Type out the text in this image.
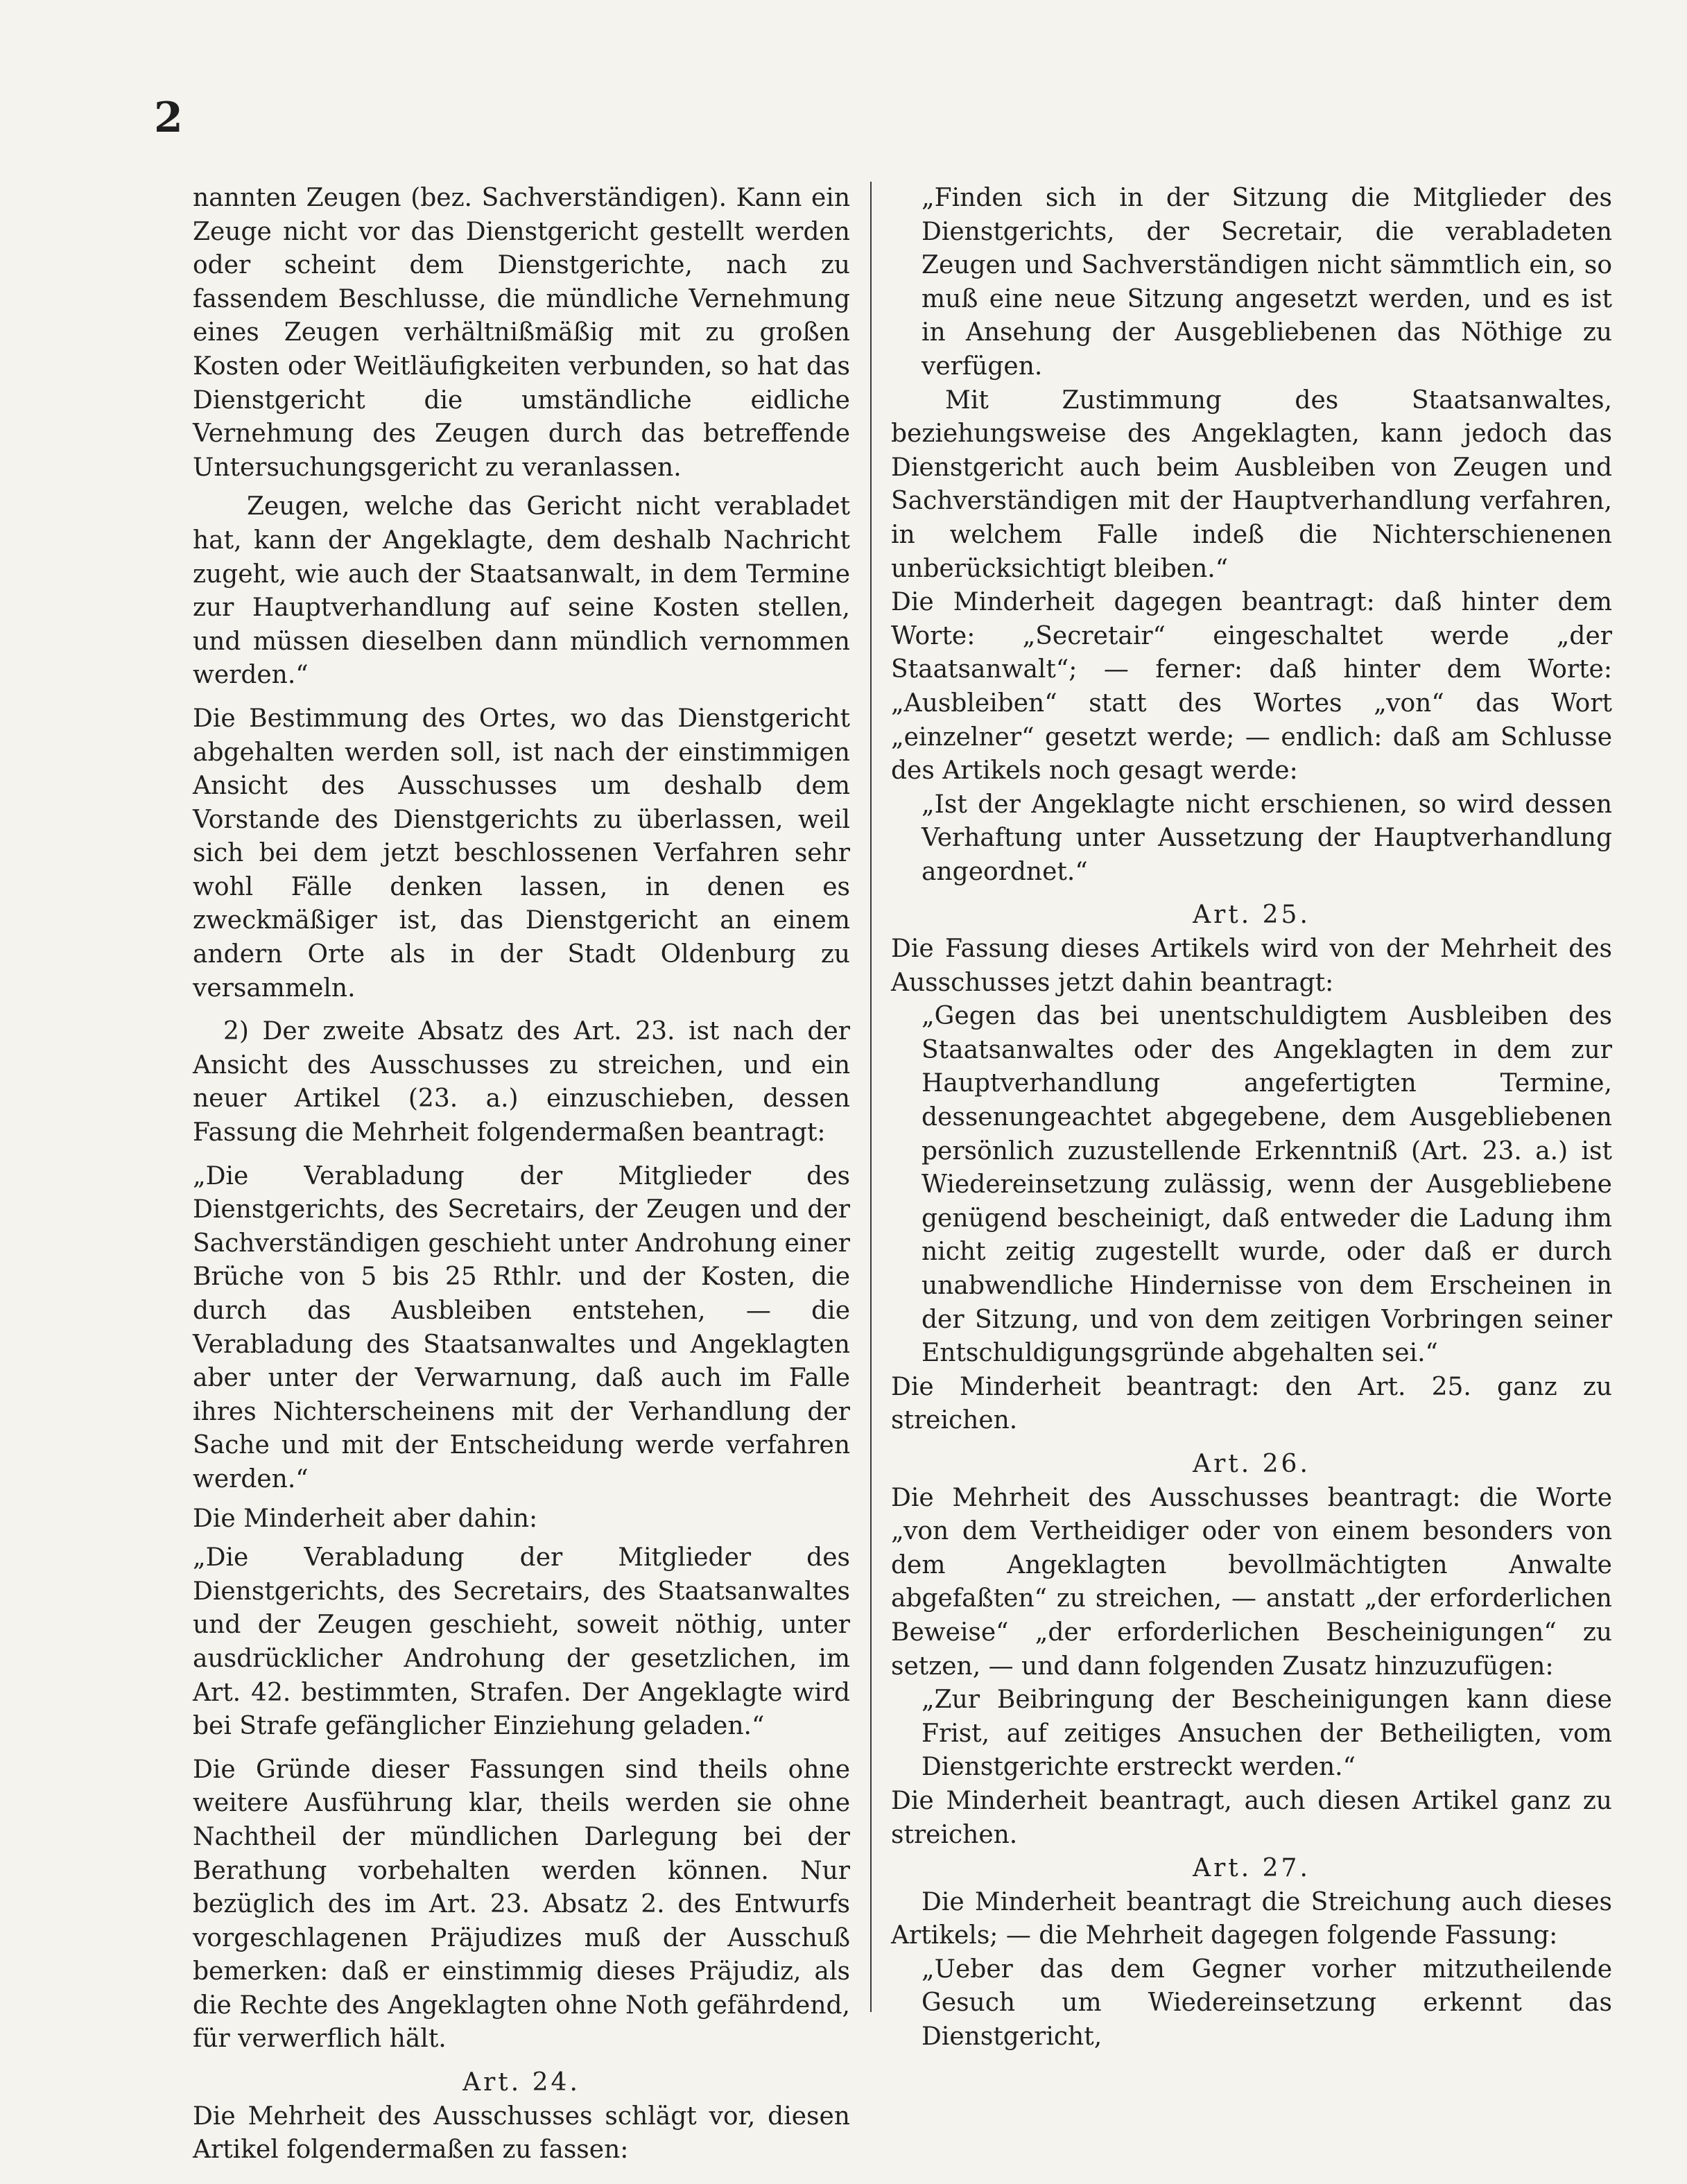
2

nannten Zeugen (bez. Sachverständigen). Kann ein Zeuge nicht vor das Dienstgericht gestellt werden oder scheint dem Dienstgerichte, nach zu fassendem Beschlusse, die mündliche Vernehmung eines Zeugen verhältnißmäßig mit zu großen Kosten oder Weitläufigkeiten verbunden, so hat das Dienstgericht die umständliche eidliche Vernehmung des Zeugen durch das betreffende Untersuchungsgericht zu veranlassen.

Zeugen, welche das Gericht nicht verabladet hat, kann der Angeklagte, dem deshalb Nachricht zugeht, wie auch der Staatsanwalt, in dem Termine zur Hauptverhandlung auf seine Kosten stellen, und müssen dieselben dann mündlich vernommen werden.“

Die Bestimmung des Ortes, wo das Dienstgericht abgehalten werden soll, ist nach der einstimmigen Ansicht des Ausschusses um deshalb dem Vorstande des Dienstgerichts zu überlassen, weil sich bei dem jetzt beschlossenen Verfahren sehr wohl Fälle denken lassen, in denen es zweckmäßiger ist, das Dienstgericht an einem andern Orte als in der Stadt Oldenburg zu versammeln.

2) Der zweite Absatz des Art. 23. ist nach der Ansicht des Ausschusses zu streichen, und ein neuer Artikel (23. a.) einzuschieben, dessen Fassung die Mehrheit folgendermaßen beantragt:

„Die Verabladung der Mitglieder des Dienstgerichts, des Secretairs, der Zeugen und der Sachverständigen geschieht unter Androhung einer Brüche von 5 bis 25 Rthlr. und der Kosten, die durch das Ausbleiben entstehen, — die Verabladung des Staatsanwaltes und Angeklagten aber unter der Verwarnung, daß auch im Falle ihres Nichterscheinens mit der Verhandlung der Sache und mit der Entscheidung werde verfahren werden.“

Die Minderheit aber dahin:

„Die Verabladung der Mitglieder des Dienstgerichts, des Secretairs, des Staatsanwaltes und der Zeugen geschieht, soweit nöthig, unter ausdrücklicher Androhung der gesetzlichen, im Art. 42. bestimmten, Strafen. Der Angeklagte wird bei Strafe gefänglicher Einziehung geladen.“

Die Gründe dieser Fassungen sind theils ohne weitere Ausführung klar, theils werden sie ohne Nachtheil der mündlichen Darlegung bei der Berathung vorbehalten werden können. Nur bezüglich des im Art. 23. Absatz 2. des Entwurfs vorgeschlagenen Präjudizes muß der Ausschuß bemerken: daß er einstimmig dieses Präjudiz, als die Rechte des Angeklagten ohne Noth gefährdend, für verwerflich hält.

Art. 24.

Die Mehrheit des Ausschusses schlägt vor, diesen Artikel folgendermaßen zu fassen:

„Finden sich in der Sitzung die Mitglieder des Dienstgerichts, der Secretair, die verabladeten Zeugen und Sachverständigen nicht sämmtlich ein, so muß eine neue Sitzung angesetzt werden, und es ist in Ansehung der Ausgebliebenen das Nöthige zu verfügen.

Mit Zustimmung des Staatsanwaltes, beziehungsweise des Angeklagten, kann jedoch das Dienstgericht auch beim Ausbleiben von Zeugen und Sachverständigen mit der Hauptverhandlung verfahren, in welchem Falle indeß die Nichterschienenen unberücksichtigt bleiben.“

Die Minderheit dagegen beantragt: daß hinter dem Worte: „Secretair“ eingeschaltet werde „der Staatsanwalt“; — ferner: daß hinter dem Worte: „Ausbleiben“ statt des Wortes „von“ das Wort „einzelner“ gesetzt werde; — endlich: daß am Schlusse des Artikels noch gesagt werde:

„Ist der Angeklagte nicht erschienen, so wird dessen Verhaftung unter Aussetzung der Hauptverhandlung angeordnet.“

Art. 25.

Die Fassung dieses Artikels wird von der Mehrheit des Ausschusses jetzt dahin beantragt:

„Gegen das bei unentschuldigtem Ausbleiben des Staatsanwaltes oder des Angeklagten in dem zur Hauptverhandlung angefertigten Termine, dessenungeachtet abgegebene, dem Ausgebliebenen persönlich zuzustellende Erkenntniß (Art. 23. a.) ist Wiedereinsetzung zulässig, wenn der Ausgebliebene genügend bescheinigt, daß entweder die Ladung ihm nicht zeitig zugestellt wurde, oder daß er durch unabwendliche Hindernisse von dem Erscheinen in der Sitzung, und von dem zeitigen Vorbringen seiner Entschuldigungsgründe abgehalten sei.“

Die Minderheit beantragt: den Art. 25. ganz zu streichen.

Art. 26.

Die Mehrheit des Ausschusses beantragt: die Worte „von dem Vertheidiger oder von einem besonders von dem Angeklagten bevollmächtigten Anwalte abgefaßten“ zu streichen, — anstatt „der erforderlichen Beweise“ „der erforderlichen Bescheinigungen“ zu setzen, — und dann folgenden Zusatz hinzuzufügen:

„Zur Beibringung der Bescheinigungen kann diese Frist, auf zeitiges Ansuchen der Betheiligten, vom Dienstgerichte erstreckt werden.“

Die Minderheit beantragt, auch diesen Artikel ganz zu streichen.

Art. 27.

Die Minderheit beantragt die Streichung auch dieses Artikels; — die Mehrheit dagegen folgende Fassung:

„Ueber das dem Gegner vorher mitzutheilende Gesuch um Wiedereinsetzung erkennt das Dienstgericht,
